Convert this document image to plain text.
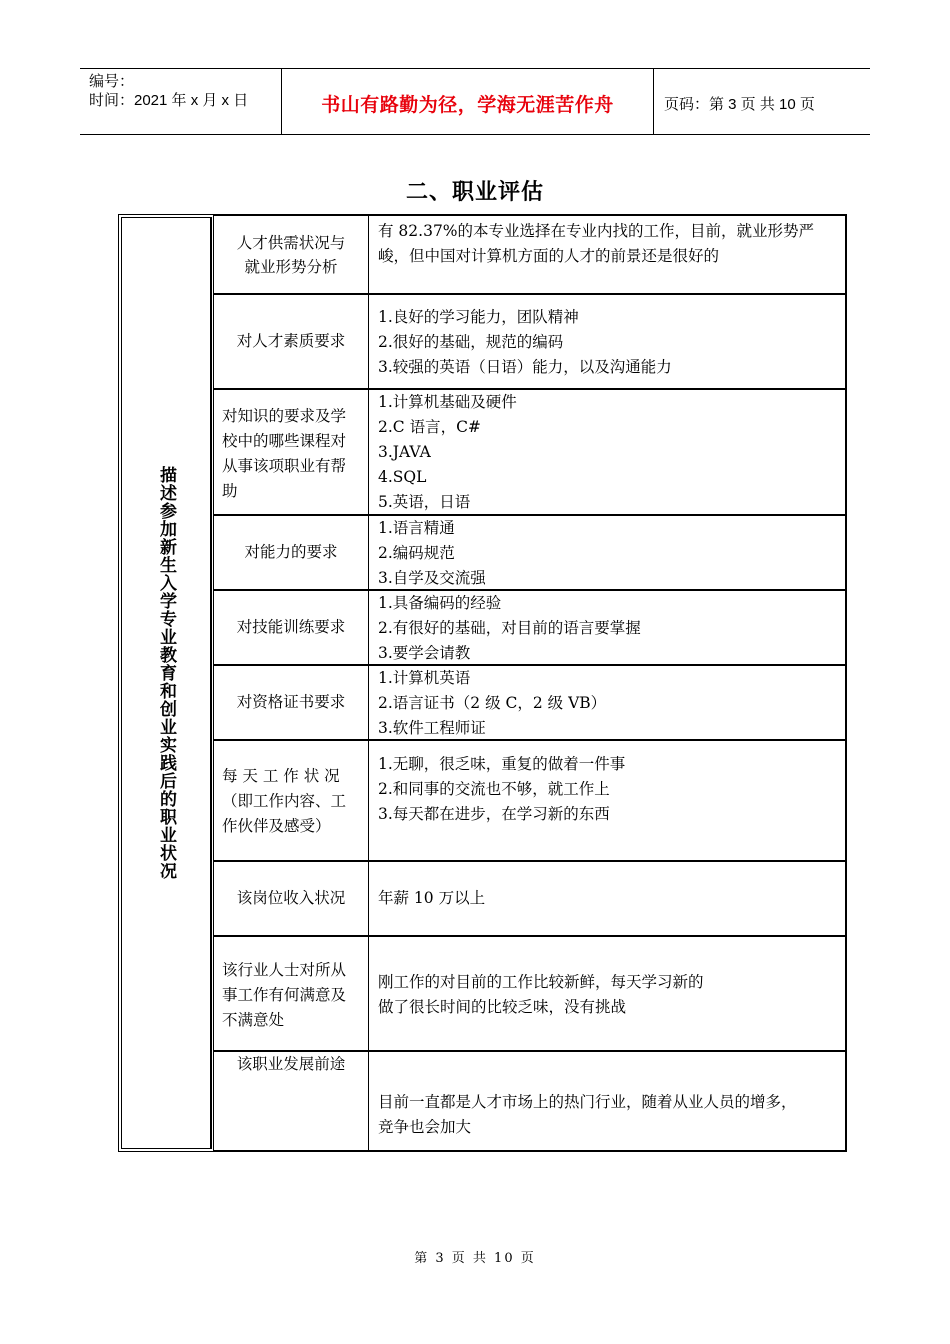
编号：
时间：2021 年 x 月 x 日	书山有路勤为径，学海无涯苦作舟	页码：第 3 页 共 10 页
二、职业评估
描述参加新生入学专业教育和创业实践后的职业状况
人才供需状况与
就业形势分析
有 82.37%的本专业选择在专业内找的工作，目前，就业形势严
峻，但中国对计算机方面的人才的前景还是很好的
对人才素质要求
1.良好的学习能力，团队精神
2.很好的基础，规范的编码
3.较强的英语（日语）能力，以及沟通能力
对知识的要求及学
校中的哪些课程对
从事该项职业有帮
助
1.计算机基础及硬件
2.C 语言，C#
3.JAVA
4.SQL
5.英语，日语
对能力的要求
1.语言精通
2.编码规范
3.自学及交流强
对技能训练要求
1.具备编码的经验
2.有很好的基础，对目前的语言要掌握
3.要学会请教
对资格证书要求
1.计算机英语
2.语言证书（2 级 C，2 级 VB）
3.软件工程师证
每 天 工 作 状 况
（即工作内容、工
作伙伴及感受）
1.无聊，很乏味，重复的做着一件事
2.和同事的交流也不够，就工作上
3.每天都在进步，在学习新的东西
该岗位收入状况 年薪 10 万以上
该行业人士对所从
事工作有何满意及
不满意处
刚工作的对目前的工作比较新鲜，每天学习新的
做了很长时间的比较乏味，没有挑战
该职业发展前途
目前一直都是人才市场上的热门行业，随着从业人员的增多，
竞争也会加大
第 3 页 共 10 页
